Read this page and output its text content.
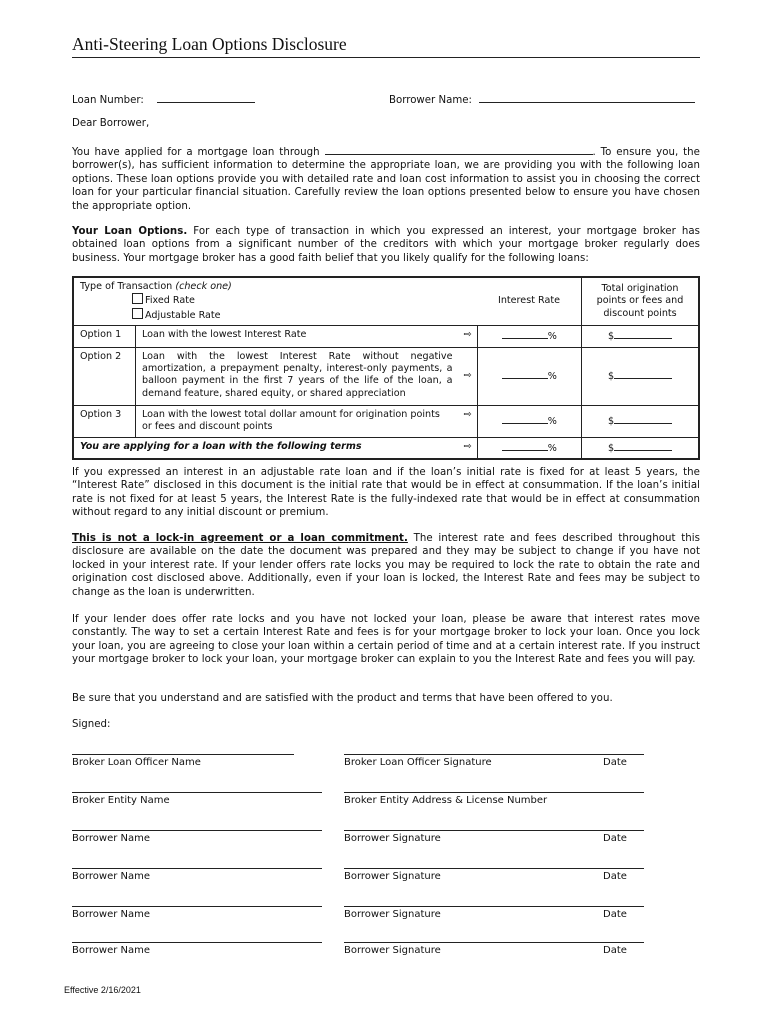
Anti-Steering Loan Options Disclosure
Loan Number:	Borrower Name:
Dear Borrower,

You have applied for a mortgage loan through	. To ensure you, the borrower(s), has sufficient information to determine the appropriate loan, we are providing you with the following loan options. These loan options provide you with detailed rate and loan cost information to assist you in choosing the correct loan for your particular financial situation. Carefully review the loan options presented below to ensure you have chosen the appropriate option.

Your Loan Options. For each type of transaction in which you expressed an interest, your mortgage broker has obtained loan options from a significant number of the creditors with which your mortgage broker regularly does business. Your mortgage broker has a good faith belief that you likely qualify for the following loans:

Type of Transaction (check one)
Fixed Rate
Adjustable Rate			Interest Rate	Total origination points or fees and discount points
Option 1	Loan with the lowest Interest Rate	⇨	%	$
Option 2	Loan with the lowest Interest Rate without negative amortization, a prepayment penalty, interest-only payments, a balloon payment in the first 7 years of the life of the loan, a demand feature, shared equity, or shared appreciation	⇨	%	$
Option 3	Loan with the lowest total dollar amount for origination points or fees and discount points	⇨	%	$
You are applying for a loan with the following terms		⇨	%	$

If you expressed an interest in an adjustable rate loan and if the loan’s initial rate is fixed for at least 5 years, the “Interest Rate” disclosed in this document is the initial rate that would be in effect at consummation. If the loan’s initial rate is not fixed for at least 5 years, the Interest Rate is the fully-indexed rate that would be in effect at consummation without regard to any initial discount or premium.

This is not a lock-in agreement or a loan commitment. The interest rate and fees described throughout this disclosure are available on the date the document was prepared and they may be subject to change if you have not locked in your interest rate. If your lender offers rate locks you may be required to lock the rate to obtain the rate and origination cost disclosed above. Additionally, even if your loan is locked, the Interest Rate and fees may be subject to change as the loan is underwritten.

If your lender does offer rate locks and you have not locked your loan, please be aware that interest rates move constantly. The way to set a certain Interest Rate and fees is for your mortgage broker to lock your loan. Once you lock your loan, you are agreeing to close your loan within a certain period of time and at a certain interest rate. If you instruct your mortgage broker to lock your loan, your mortgage broker can explain to you the Interest Rate and fees you will pay.

Be sure that you understand and are satisfied with the product and terms that have been offered to you.

Signed:
Broker Loan Officer Name	Broker Loan Officer Signature	Date
Broker Entity Name	Broker Entity Address & License Number
Borrower Name	Borrower Signature	Date
Borrower Name	Borrower Signature	Date
Borrower Name	Borrower Signature	Date
Borrower Name	Borrower Signature	Date
Effective 2/16/2021
